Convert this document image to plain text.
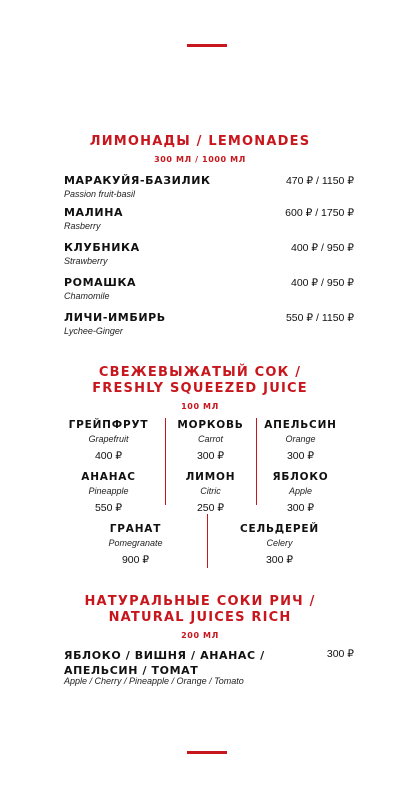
ЛИМОНАДЫ / LEMONADES
300 МЛ / 1000 МЛ
МАРАКУЙЯ-БАЗИЛИК
Passion fruit-basil
470 ₽ / 1150 ₽
МАЛИНА
Rasberry
600 ₽ / 1750 ₽
КЛУБНИКА
Strawberry
400 ₽ / 950 ₽
РОМАШКА
Chamomile
400 ₽ / 950 ₽
ЛИЧИ-ИМБИРЬ
Lychee-Ginger
550 ₽ / 1150 ₽
СВЕЖЕВЫЖАТЫЙ СОК /
FRESHLY SQUEEZED JUICE
100 МЛ
ГРЕЙПФРУТ
Grapefruit
400 ₽
МОРКОВЬ
Carrot
300 ₽
АПЕЛЬСИН
Orange
300 ₽
АНАНАС
Pineapple
550 ₽
ЛИМОН
Citric
250 ₽
ЯБЛОКО
Apple
300 ₽
ГРАНАТ
Pomegranate
900 ₽
СЕЛЬДЕРЕЙ
Celery
300 ₽
НАТУРАЛЬНЫЕ СОКИ РИЧ /
NATURAL JUICES RICH
200 МЛ
ЯБЛОКО / ВИШНЯ / АНАНАС / АПЕЛЬСИН / ТОМАТ
Apple / Cherry / Pineapple / Orange / Tomato
300 ₽
